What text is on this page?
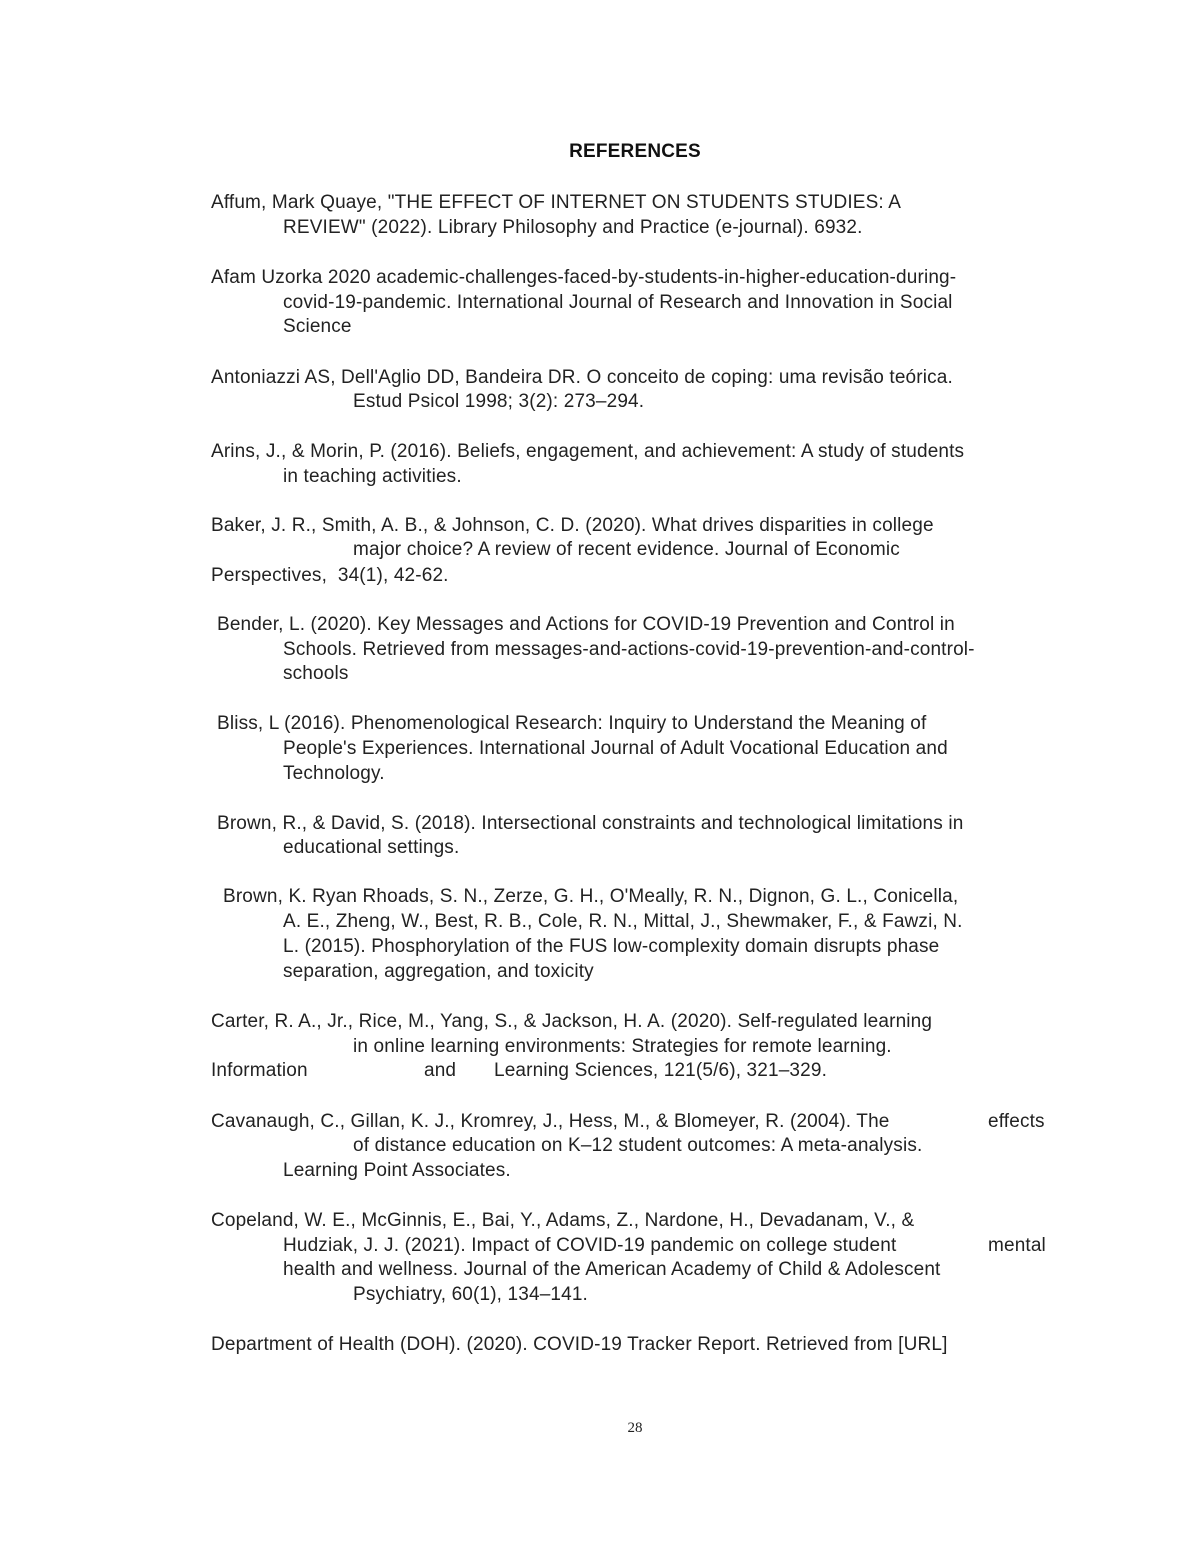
REFERENCES
Affum, Mark Quaye, "THE EFFECT OF INTERNET ON STUDENTS STUDIES: A
REVIEW" (2022). Library Philosophy and Practice (e-journal). 6932.
Afam Uzorka 2020 academic-challenges-faced-by-students-in-higher-education-during-
covid-19-pandemic. International Journal of Research and Innovation in Social
Science
Antoniazzi AS, Dell'Aglio DD, Bandeira DR. O conceito de coping: uma revisão teórica.
Estud Psicol 1998; 3(2): 273–294.
Arins, J., & Morin, P. (2016). Beliefs, engagement, and achievement: A study of students
in teaching activities.
Baker, J. R., Smith, A. B., & Johnson, C. D. (2020). What drives disparities in college
major choice? A review of recent evidence. Journal of Economic
Perspectives,  34(1), 42-62.
Bender, L. (2020). Key Messages and Actions for COVID-19 Prevention and Control in
Schools. Retrieved from messages-and-actions-covid-19-prevention-and-control-
schools
Bliss, L (2016). Phenomenological Research: Inquiry to Understand the Meaning of
People's Experiences. International Journal of Adult Vocational Education and
Technology.
Brown, R., & David, S. (2018). Intersectional constraints and technological limitations in
educational settings.
Brown, K. Ryan Rhoads, S. N., Zerze, G. H., O'Meally, R. N., Dignon, G. L., Conicella,
A. E., Zheng, W., Best, R. B., Cole, R. N., Mittal, J., Shewmaker, F., & Fawzi, N.
L. (2015). Phosphorylation of the FUS low-complexity domain disrupts phase
separation, aggregation, and toxicity
Carter, R. A., Jr., Rice, M., Yang, S., & Jackson, H. A. (2020). Self-regulated learning
in online learning environments: Strategies for remote learning.
Information	and Learning Sciences, 121(5/6), 321–329.
Cavanaugh, C., Gillan, K. J., Kromrey, J., Hess, M., & Blomeyer, R. (2004). The	effects
of distance education on K–12 student outcomes: A meta-analysis.
Learning Point Associates.
Copeland, W. E., McGinnis, E., Bai, Y., Adams, Z., Nardone, H., Devadanam, V., &
Hudziak, J. J. (2021). Impact of COVID-19 pandemic on college student	mental
health and wellness. Journal of the American Academy of Child & Adolescent
Psychiatry, 60(1), 134–141.
Department of Health (DOH). (2020). COVID-19 Tracker Report. Retrieved from [URL]
28
